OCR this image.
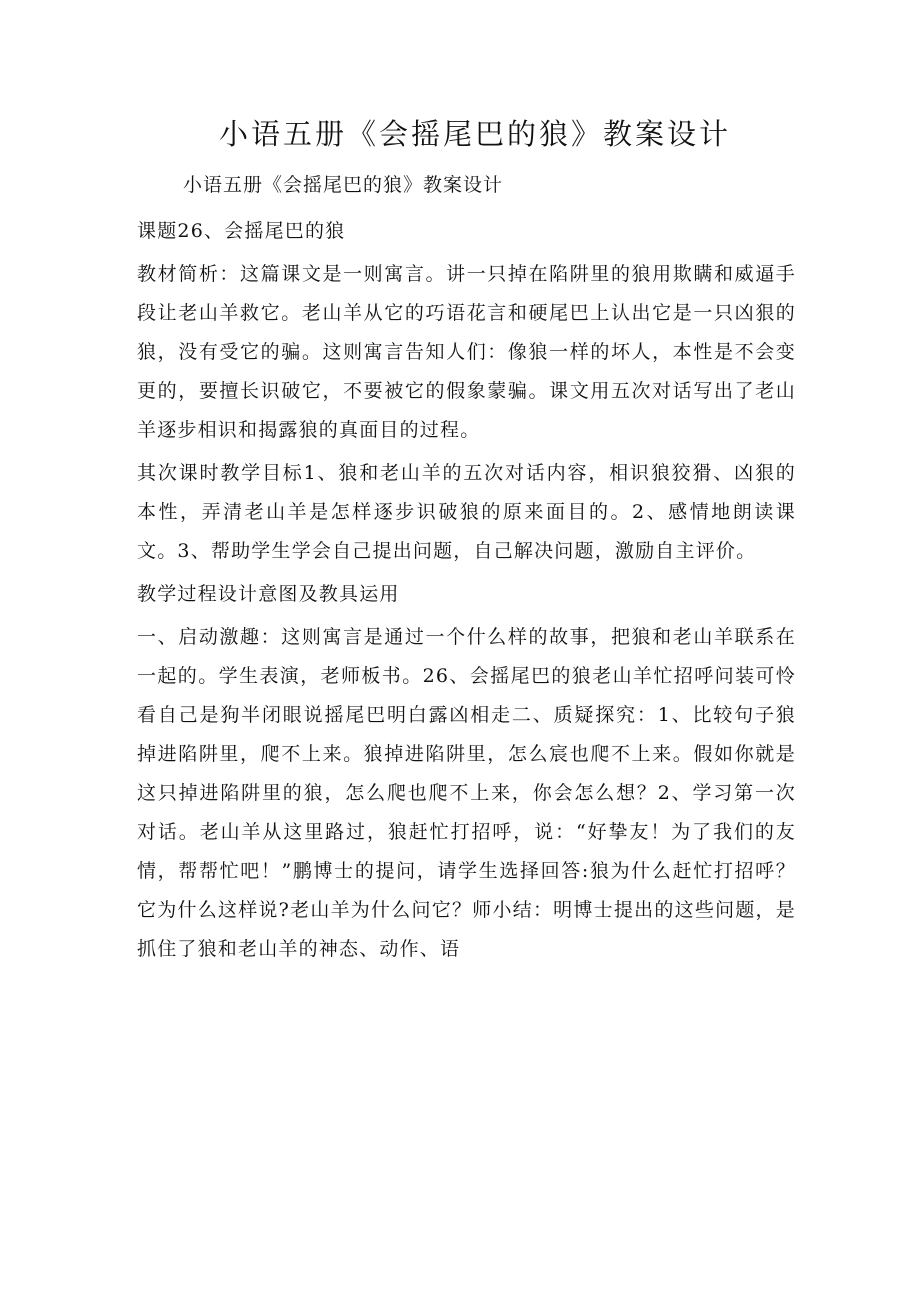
小语五册《会摇尾巴的狼》教案设计
小语五册《会摇尾巴的狼》教案设计

课题26、会摇尾巴的狼

教材简析：这篇课文是一则寓言。讲一只掉在陷阱里的狼用欺瞒和威逼手段让老山羊救它。老山羊从它的巧语花言和硬尾巴上认出它是一只凶狠的狼，没有受它的骗。这则寓言告知人们：像狼一样的坏人，本性是不会变更的，要擅长识破它，不要被它的假象蒙骗。课文用五次对话写出了老山羊逐步相识和揭露狼的真面目的过程。

其次课时教学目标1、狼和老山羊的五次对话内容，相识狼狡猾、凶狠的本性，弄清老山羊是怎样逐步识破狼的原来面目的。2、感情地朗读课文。3、帮助学生学会自己提出问题，自己解决问题，激励自主评价。

教学过程设计意图及教具运用

一、启动激趣：这则寓言是通过一个什么样的故事，把狼和老山羊联系在一起的。学生表演，老师板书。26、会摇尾巴的狼老山羊忙招呼问装可怜看自己是狗半闭眼说摇尾巴明白露凶相走二、质疑探究：1、比较句子狼掉进陷阱里，爬不上来。狼掉进陷阱里，怎么宸也爬不上来。假如你就是这只掉进陷阱里的狼，怎么爬也爬不上来，你会怎么想？2、学习第一次对话。老山羊从这里路过，狼赶忙打招呼，说：“好挚友！为了我们的友情，帮帮忙吧！”鹏博士的提问，请学生选择回答:狼为什么赶忙打招呼？它为什么这样说?老山羊为什么问它？师小结：明博士提出的这些问题，是抓住了狼和老山羊的神态、动作、语
